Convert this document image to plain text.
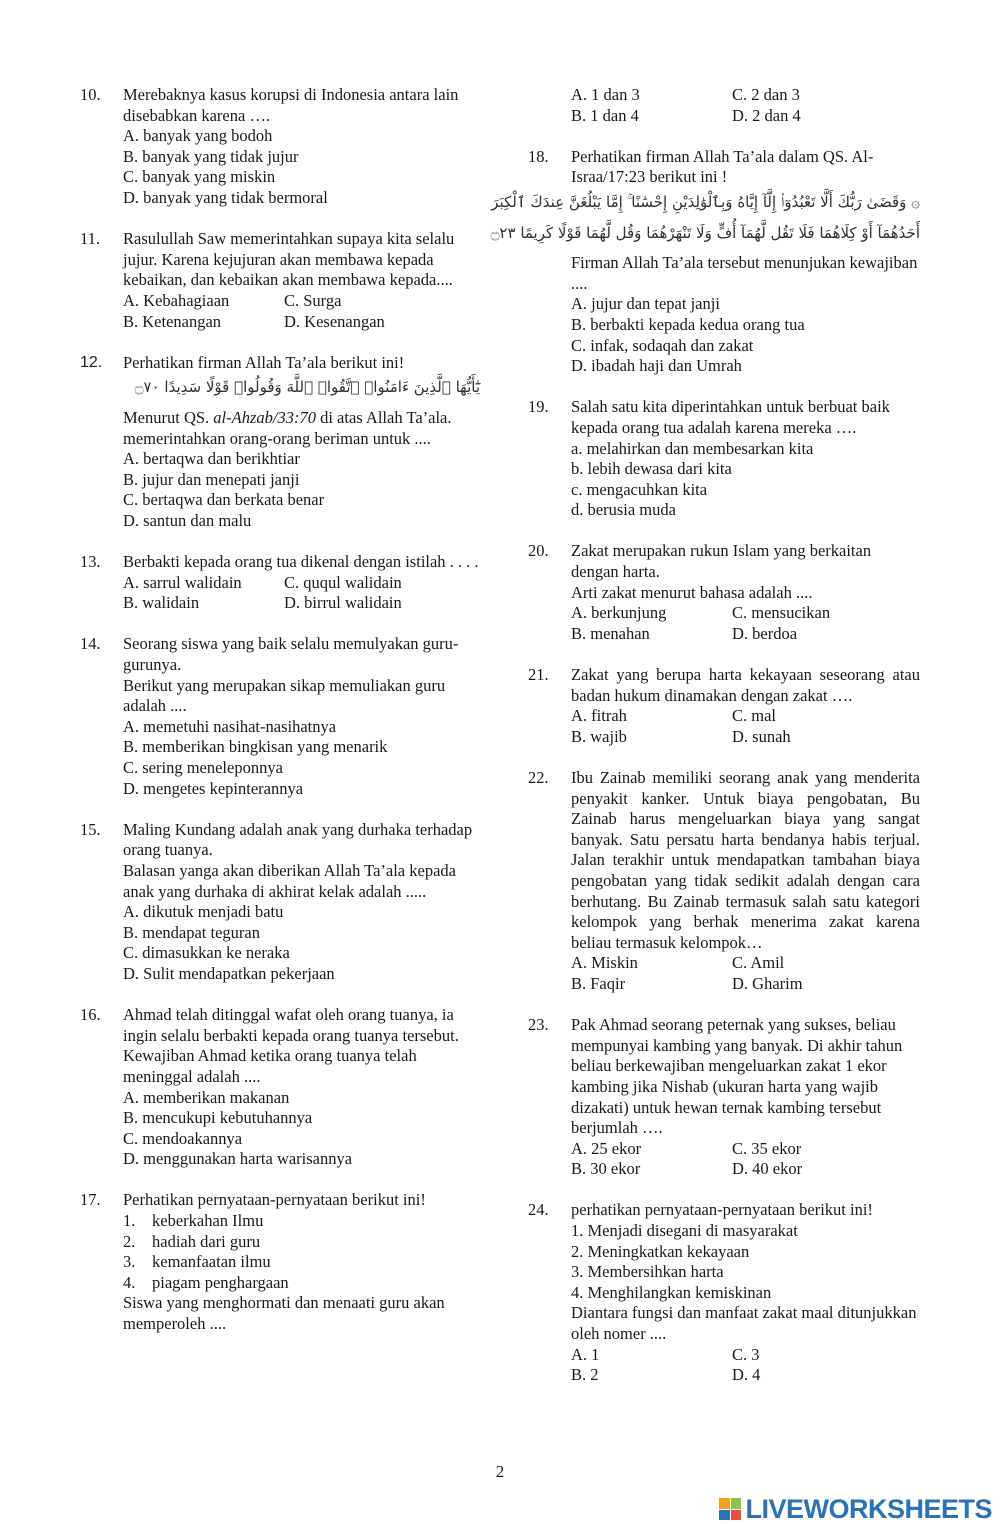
10. Merebaknya kasus korupsi di Indonesia antara lain disebabkan karena ….
A. banyak yang bodoh
B. banyak yang tidak jujur
C. banyak yang miskin
D. banyak yang tidak bermoral
11. Rasulullah Saw memerintahkan supaya kita selalu jujur. Karena kejujuran akan membawa kepada kebaikan, dan kebaikan akan membawa kepada....
A. Kebahagiaan	C. Surga
B. Ketenangan	D. Kesenangan
12. Perhatikan firman Allah Ta’ala berikut ini!
يَٰٓأَيُّهَا ٱلَّذِينَ ءَامَنُوا۟ ٱتَّقُوا۟ ٱللَّهَ وَقُولُوا۟ قَوْلًا سَدِيدًا ۝٧٠
Menurut QS. al-Ahzab/33:70 di atas Allah Ta’ala. memerintahkan orang-orang beriman untuk ....
A. bertaqwa dan berikhtiar
B. jujur dan menepati janji
C. bertaqwa dan berkata benar
D. santun dan malu
13. Berbakti kepada orang tua dikenal dengan istilah . . . .
A. sarrul walidain	C. ququl walidain
B. walidain	D. birrul walidain
14. Seorang siswa yang baik selalu memulyakan guru-gurunya.
Berikut yang merupakan sikap memuliakan guru adalah ....
A. memetuhi nasihat-nasihatnya
B. memberikan bingkisan yang menarik
C. sering meneleponnya
D. mengetes kepinterannya
15. Maling Kundang adalah anak yang durhaka terhadap orang tuanya.
Balasan yanga akan diberikan Allah Ta’ala kepada anak yang durhaka di akhirat kelak adalah .....
A. dikutuk menjadi batu
B. mendapat teguran
C. dimasukkan ke neraka
D. Sulit mendapatkan pekerjaan
16. Ahmad telah ditinggal wafat oleh orang tuanya, ia ingin selalu berbakti kepada orang tuanya tersebut. Kewajiban Ahmad ketika orang tuanya telah meninggal adalah ....
A. memberikan makanan
B. mencukupi kebutuhannya
C. mendoakannya
D. menggunakan harta warisannya
17. Perhatikan pernyataan-pernyataan berikut ini!
1.	keberkahan Ilmu
2.	hadiah dari guru
3.	kemanfaatan ilmu
4.	piagam penghargaan
Siswa yang menghormati dan menaati guru akan memperoleh ....
A. 1 dan 3	C. 2 dan 3
B. 1 dan 4	D. 2 dan 4
18. Perhatikan firman Allah Ta’ala dalam QS. Al-Israa/17:23 berikut ini !
۞ وَقَضَىٰ رَبُّكَ أَلَّا تَعْبُدُوٓا۟ إِلَّآ إِيَّاهُ وَبِٱلْوَٰلِدَيْنِ إِحْسَٰنًا ۚ إِمَّا يَبْلُغَنَّ عِندَكَ ٱلْكِبَرَ
أَحَدُهُمَآ أَوْ كِلَاهُمَا فَلَا تَقُل لَّهُمَآ أُفٍّ وَلَا تَنْهَرْهُمَا وَقُل لَّهُمَا قَوْلًا كَرِيمًا ۝٢٣
Firman Allah Ta’ala tersebut menunjukan kewajiban ....
A. jujur dan tepat janji
B. berbakti kepada kedua orang tua
C. infak, sodaqah dan zakat
D. ibadah haji dan Umrah
19. Salah satu kita diperintahkan untuk berbuat baik kepada orang tua adalah karena mereka ….
a. melahirkan dan membesarkan kita
b. lebih dewasa dari kita
c. mengacuhkan kita
d. berusia muda
20. Zakat merupakan rukun Islam yang berkaitan dengan harta.
Arti zakat menurut bahasa adalah ....
A. berkunjung	C. mensucikan
B. menahan	D. berdoa
21. Zakat yang berupa harta kekayaan seseorang atau badan hukum dinamakan dengan zakat ….
A. fitrah	C. mal
B. wajib	D. sunah
22. Ibu Zainab memiliki seorang anak yang menderita penyakit kanker. Untuk biaya pengobatan, Bu Zainab harus mengeluarkan biaya yang sangat banyak. Satu persatu harta bendanya habis terjual. Jalan terakhir untuk mendapatkan tambahan biaya pengobatan yang tidak sedikit adalah dengan cara berhutang. Bu Zainab termasuk salah satu kategori kelompok yang berhak menerima zakat karena beliau termasuk kelompok…
A. Miskin	C. Amil
B. Faqir	D. Gharim
23. Pak Ahmad seorang peternak yang sukses, beliau mempunyai kambing yang banyak. Di akhir tahun beliau berkewajiban mengeluarkan zakat 1 ekor kambing jika Nishab (ukuran harta yang wajib dizakati) untuk hewan ternak kambing tersebut berjumlah ….
A. 25 ekor	C. 35 ekor
B. 30 ekor	D. 40 ekor
24. perhatikan pernyataan-pernyataan berikut ini!
1. Menjadi disegani di masyarakat
2. Meningkatkan kekayaan
3. Membersihkan harta
4. Menghilangkan kemiskinan
Diantara fungsi dan manfaat zakat maal ditunjukkan oleh nomer ....
A. 1	C. 3
B. 2	D. 4
2
LIVEWORKSHEETS
